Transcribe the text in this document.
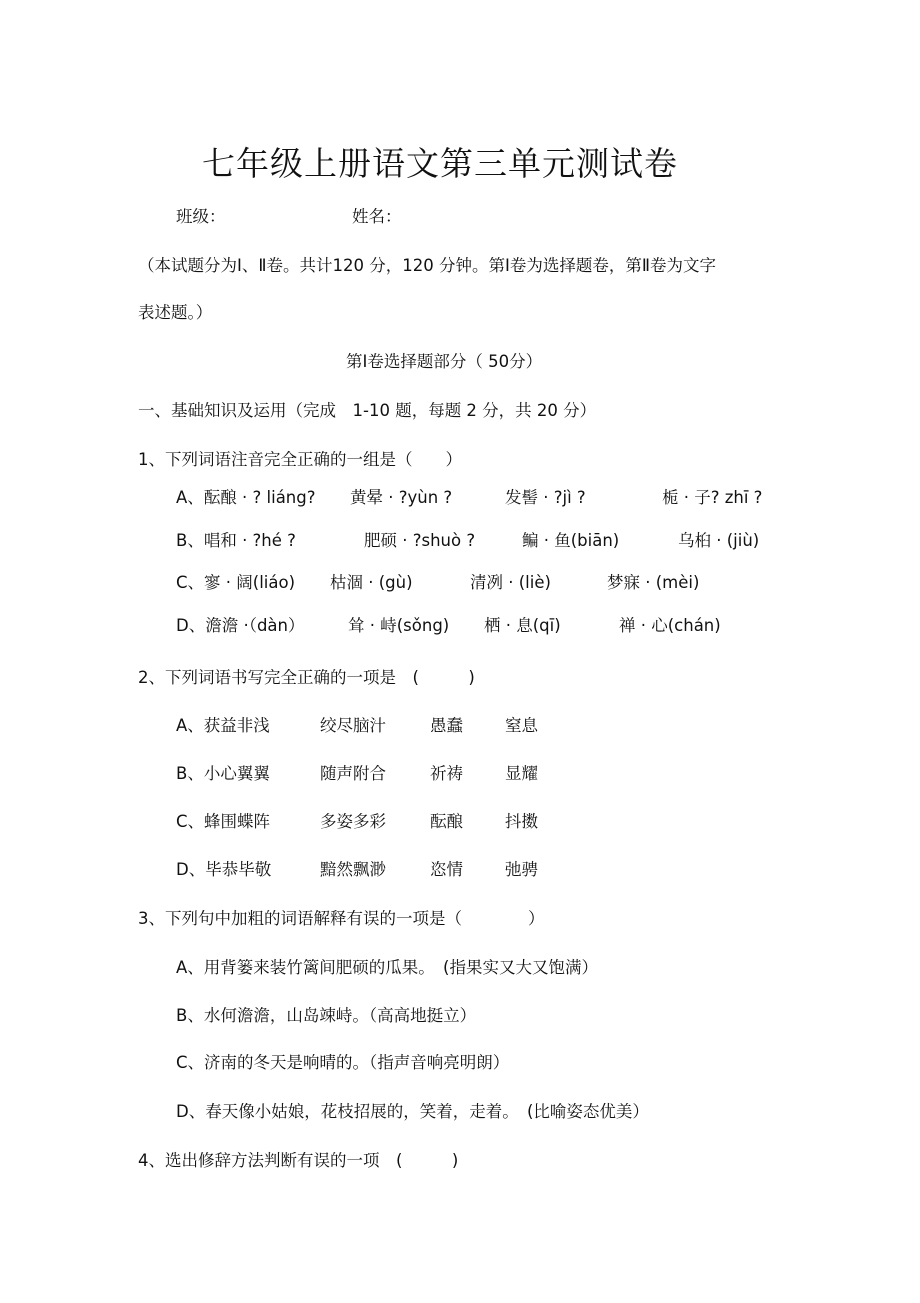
七年级上册语文第三单元测试卷
班级：	姓名：
（本试题分为Ⅰ、Ⅱ卷。共计120 分，120 分钟。第Ⅰ卷为选择题卷，第Ⅱ卷为文字
表述题。）
第Ⅰ卷选择题部分（ 50分）
一、基础知识及运用（完成　1-10 题，每题 2 分，共 20 分）
1、下列词语注音完全正确的一组是（　　）
A、酝酿 · ? liáng? 黄晕 · ?yùn ?	发髻 · ?jì ?	栀 · 子? zhī ?
B、唱和 · ?hé ?	肥硕 · ?shuò ?	鳊 · 鱼(biān)	乌桕 · (jiù)
C、寥 · 阔(liáo) 枯涸 · (gù)	清冽 · (liè)	梦寐 · (mèi)
D、澹澹 ·（dàn）	耸 · 峙(sǒng) 栖 · 息(qī)	禅 · 心(chán)
2、下列词语书写完全正确的一项是　(　　　)
A、获益非浅	绞尽脑汁	愚蠢	窒息
B、小心翼翼	随声附合	祈祷	显耀
C、蜂围蝶阵	多姿多彩	酝酿	抖擞
D、毕恭毕敬	黯然飘渺	恣情	弛骋
3、下列句中加粗的词语解释有误的一项是（　　　　）
A、用背篓来装竹篱间肥硕的瓜果。　(指果实又大又饱满）
B、水何澹澹，山岛竦峙。（高高地挺立）
C、济南的冬天是响晴的。（指声音响亮明朗）
D、春天像小姑娘，花枝招展的，笑着，走着。　(比喻姿态优美）
4、选出修辞方法判断有误的一项　(　　　)
